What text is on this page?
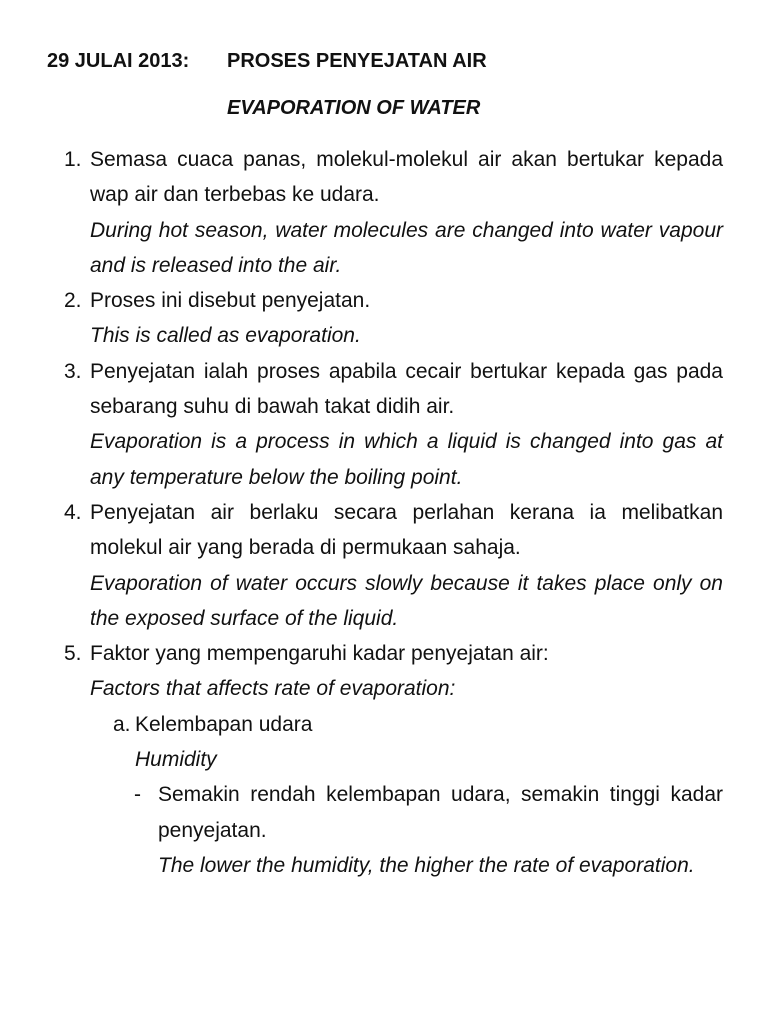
29 JULAI 2013: PROSES PENYEJATAN AIR
EVAPORATION OF WATER
1. Semasa cuaca panas, molekul-molekul air akan bertukar kepada wap air dan terbebas ke udara.
During hot season, water molecules are changed into water vapour and is released into the air.
2. Proses ini disebut penyejatan.
This is called as evaporation.
3. Penyejatan ialah proses apabila cecair bertukar kepada gas pada sebarang suhu di bawah takat didih air.
Evaporation is a process in which a liquid is changed into gas at any temperature below the boiling point.
4. Penyejatan air berlaku secara perlahan kerana ia melibatkan molekul air yang berada di permukaan sahaja.
Evaporation of water occurs slowly because it takes place only on the exposed surface of the liquid.
5. Faktor yang mempengaruhi kadar penyejatan air:
Factors that affects rate of evaporation:
a. Kelembapan udara
Humidity
- Semakin rendah kelembapan udara, semakin tinggi kadar penyejatan.
The lower the humidity, the higher the rate of evaporation.
